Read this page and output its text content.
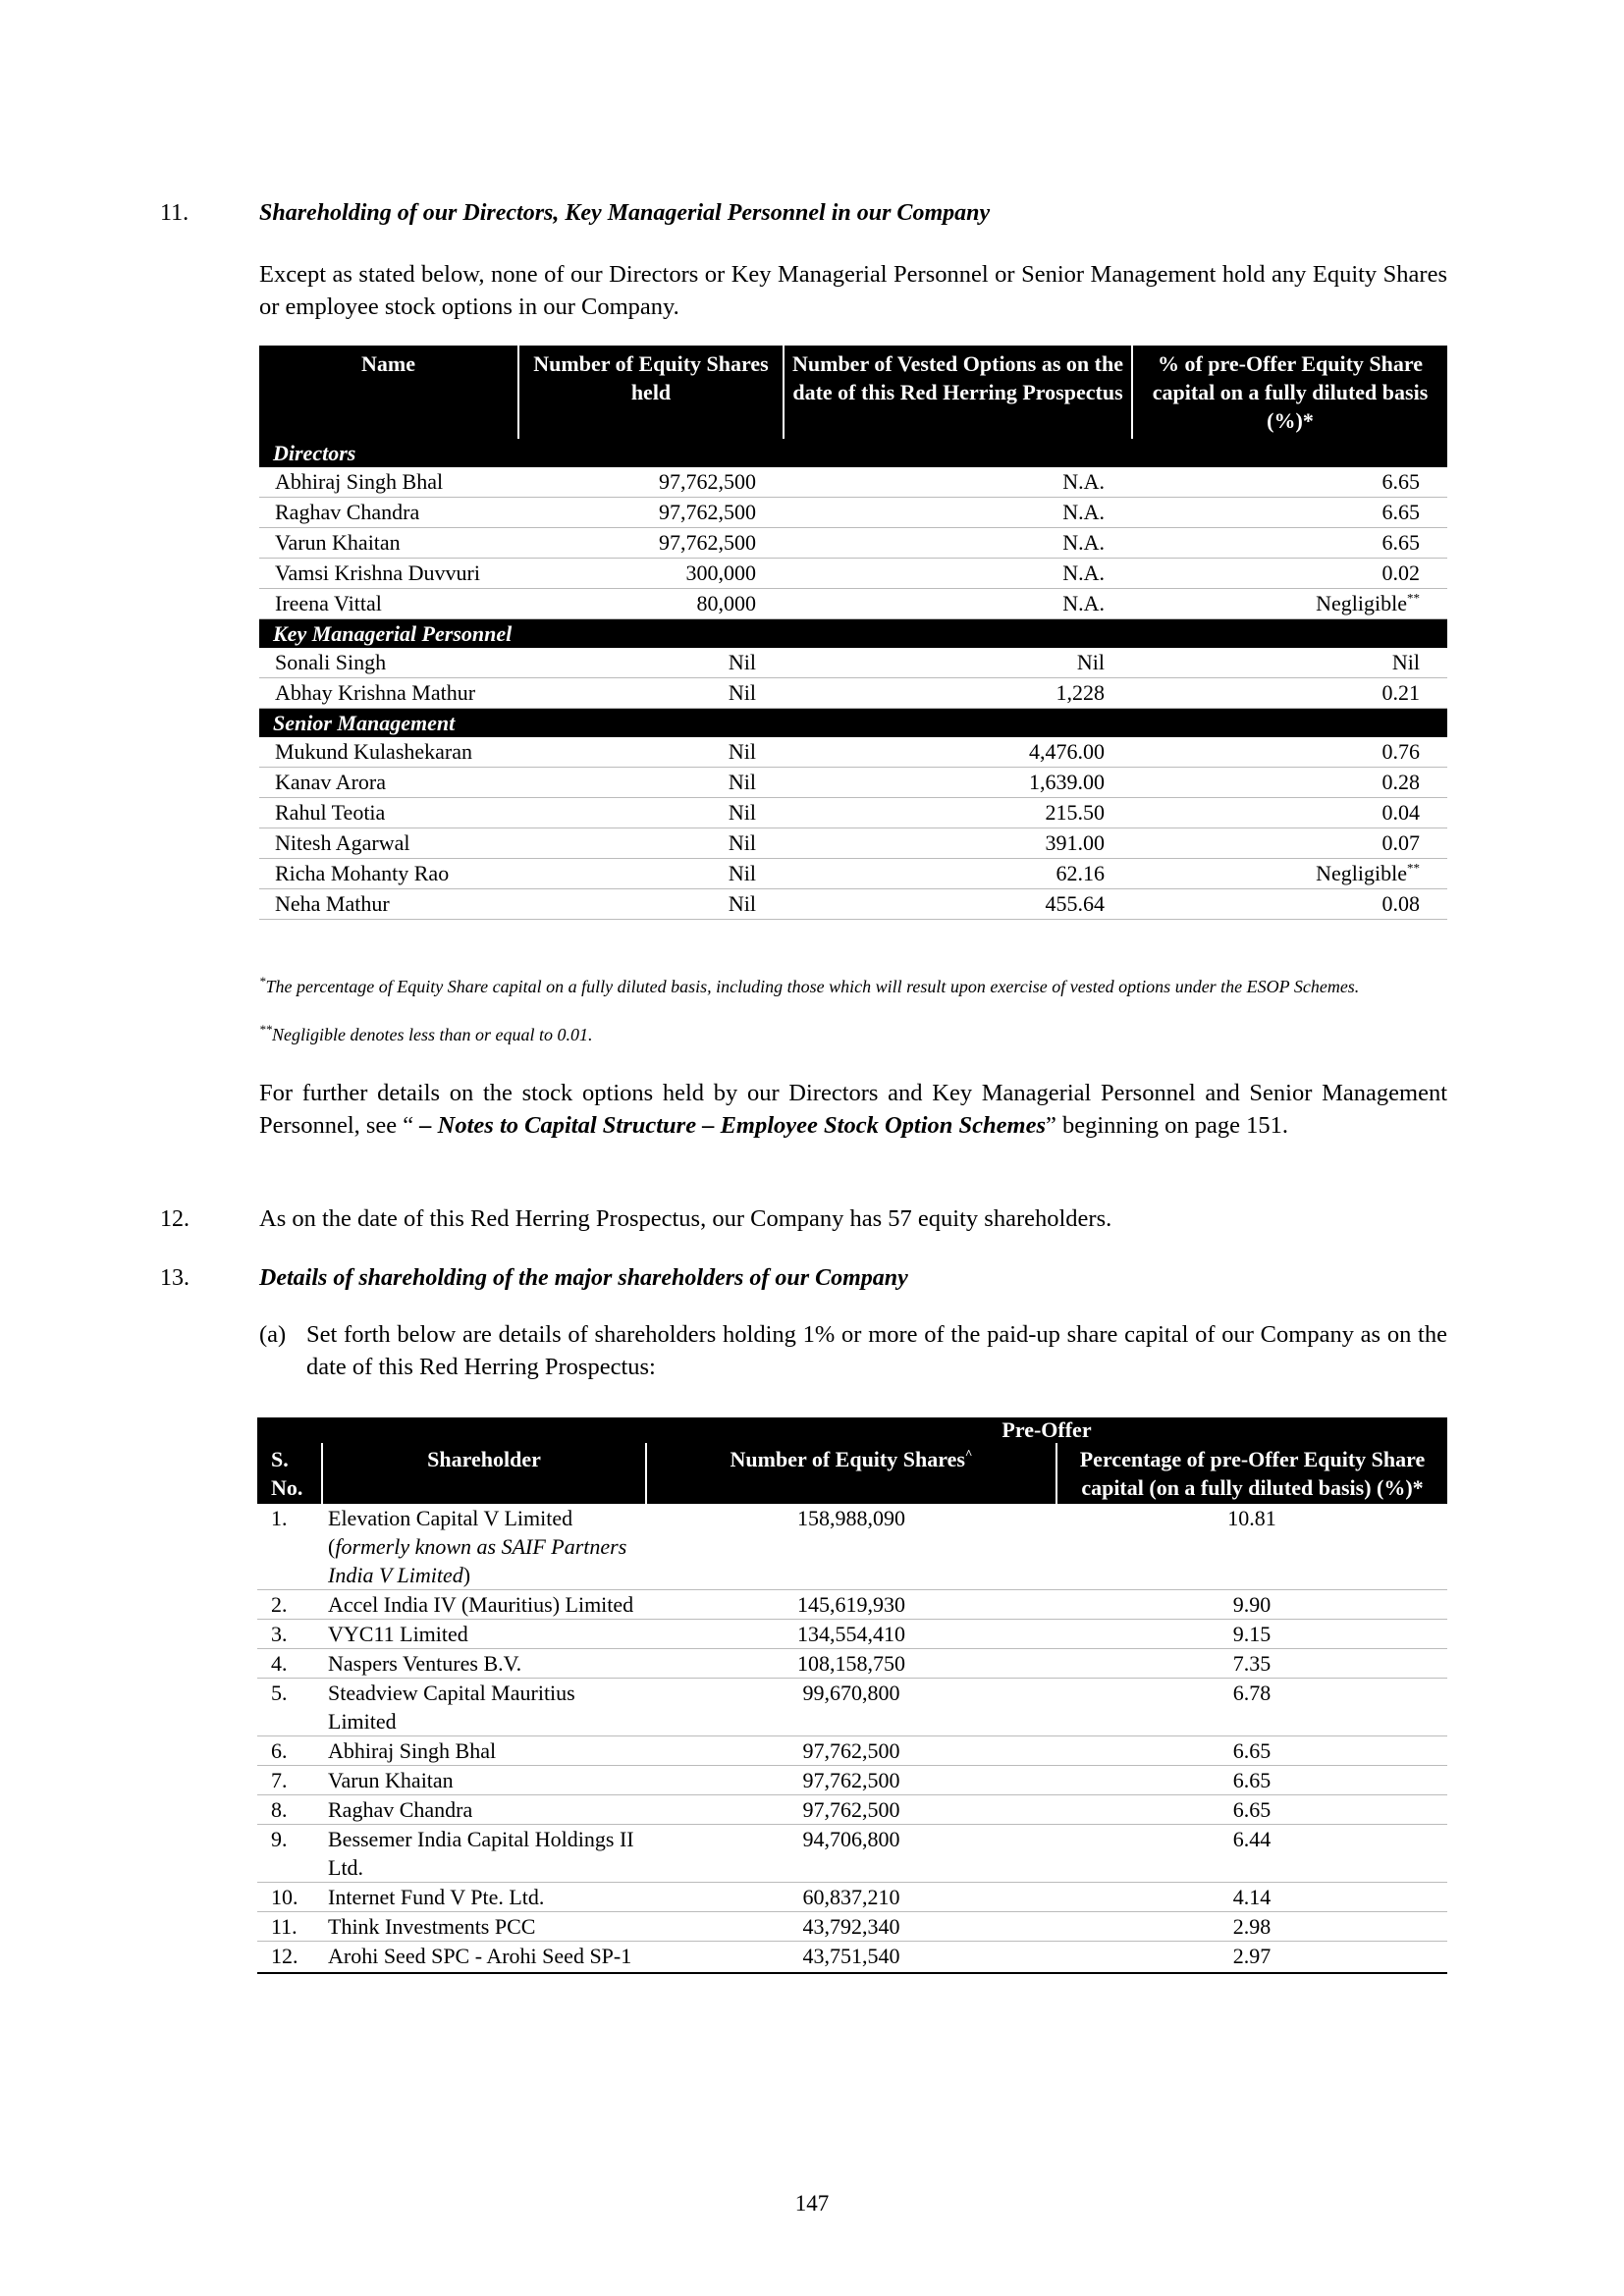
11.	Shareholding of our Directors, Key Managerial Personnel in our Company
Except as stated below, none of our Directors or Key Managerial Personnel or Senior Management hold any Equity Shares or employee stock options in our Company.
Name	Number of Equity Shares held	Number of Vested Options as on the date of this Red Herring Prospectus	% of pre-Offer Equity Share capital on a fully diluted basis (%)*
Directors			
Abhiraj Singh Bhal	97,762,500	N.A.	6.65
Raghav Chandra	97,762,500	N.A.	6.65
Varun Khaitan	97,762,500	N.A.	6.65
Vamsi Krishna Duvvuri	300,000	N.A.	0.02
Ireena Vittal	80,000	N.A.	Negligible**
Key Managerial Personnel			
Sonali Singh	Nil	Nil	Nil
Abhay Krishna Mathur	Nil	1,228	0.21
Senior Management			
Mukund Kulashekaran	Nil	4,476.00	0.76
Kanav Arora	Nil	1,639.00	0.28
Rahul Teotia	Nil	215.50	0.04
Nitesh Agarwal	Nil	391.00	0.07
Richa Mohanty Rao	Nil	62.16	Negligible**
Neha Mathur	Nil	455.64	0.08
*The percentage of Equity Share capital on a fully diluted basis, including those which will result upon exercise of vested options under the ESOP Schemes.
**Negligible denotes less than or equal to 0.01.
For further details on the stock options held by our Directors and Key Managerial Personnel and Senior Management Personnel, see “ – Notes to Capital Structure – Employee Stock Option Schemes” beginning on page 151.
12.	As on the date of this Red Herring Prospectus, our Company has 57 equity shareholders.
13.	Details of shareholding of the major shareholders of our Company
(a) Set forth below are details of shareholders holding 1% or more of the paid-up share capital of our Company as on the date of this Red Herring Prospectus:
		Pre-Offer	
S. No.	Shareholder	Number of Equity Shares^	Percentage of pre-Offer Equity Share capital (on a fully diluted basis) (%)*
1.	Elevation Capital V Limited (formerly known as SAIF Partners India V Limited)	158,988,090	10.81
2.	Accel India IV (Mauritius) Limited	145,619,930	9.90
3.	VYC11 Limited	134,554,410	9.15
4.	Naspers Ventures B.V.	108,158,750	7.35
5.	Steadview Capital Mauritius Limited	99,670,800	6.78
6.	Abhiraj Singh Bhal	97,762,500	6.65
7.	Varun Khaitan	97,762,500	6.65
8.	Raghav Chandra	97,762,500	6.65
9.	Bessemer India Capital Holdings II Ltd.	94,706,800	6.44
10.	Internet Fund V Pte. Ltd.	60,837,210	4.14
11.	Think Investments PCC	43,792,340	2.98
12.	Arohi Seed SPC - Arohi Seed SP-1	43,751,540	2.97
147
